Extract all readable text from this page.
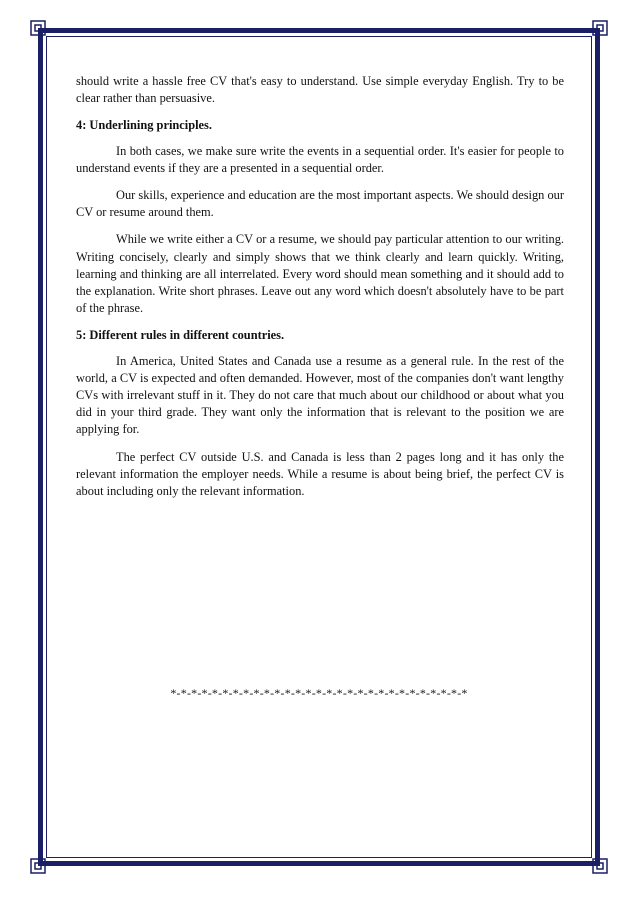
should write a hassle free CV that's easy to understand. Use simple everyday English. Try to be clear rather than persuasive.

4: Underlining principles.

In both cases, we make sure write the events in a sequential order. It's easier for people to understand events if they are a presented in a sequential order.

Our skills, experience and education are the most important aspects. We should design our CV or resume around them.

While we write either a CV or a resume, we should pay particular attention to our writing. Writing concisely, clearly and simply shows that we think clearly and learn quickly. Writing, learning and thinking are all interrelated. Every word should mean something and it should add to the explanation. Write short phrases. Leave out any word which doesn't absolutely have to be part of the phrase.

5: Different rules in different countries.

In America, United States and Canada use a resume as a general rule. In the rest of the world, a CV is expected and often demanded. However, most of the companies don't want lengthy CVs with irrelevant stuff in it. They do not care that much about our childhood or about what you did in your third grade. They want only the information that is relevant to the position we are applying for.

The perfect CV outside U.S. and Canada is less than 2 pages long and it has only the relevant information the employer needs. While a resume is about being brief, the perfect CV is about including only the relevant information.

*-*-*-*-*-*-*-*-*-*-*-*-*-*-*-*-*-*-*-*-*-*-*-*-*-*-*-*-*
